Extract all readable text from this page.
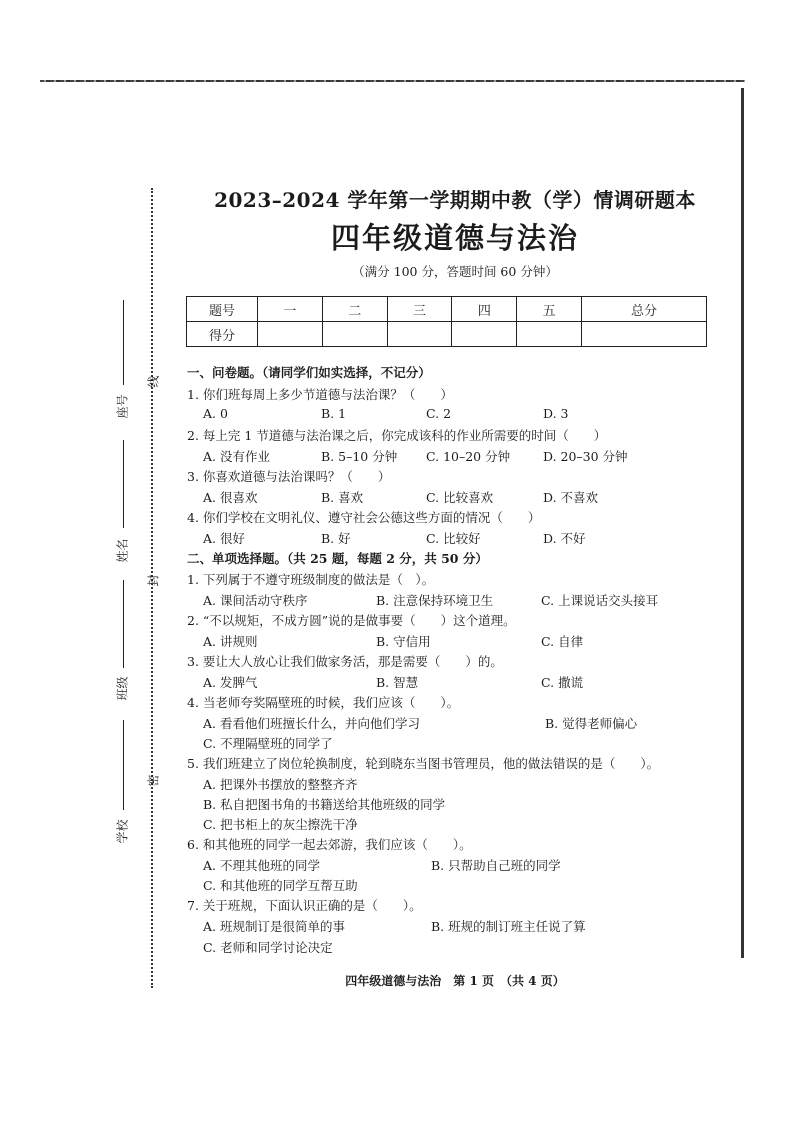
线
封
密
座号
姓名
班级
学校
2023–2024 学年第一学期期中教（学）情调研题本
四年级道德与法治
（满分 100 分，答题时间 60 分钟）
题号	一	二	三	四	五	总分
得分						
一、问卷题。（请同学们如实选择，不记分）
1. 你们班每周上多少节道德与法治课？（　　）
A. 0	B. 1	C. 2	D. 3
2. 每上完 1 节道德与法治课之后，你完成该科的作业所需要的时间（　　）
A. 没有作业	B. 5–10 分钟 C. 10–20 分钟	D. 20–30 分钟
3. 你喜欢道德与法治课吗？（　　）
A. 很喜欢	B. 喜欢	C. 比较喜欢	D. 不喜欢
4. 你们学校在文明礼仪、遵守社会公德这些方面的情况（　　）
A. 很好	B. 好	C. 比较好	D. 不好
二、单项选择题。（共 25 题，每题 2 分，共 50 分）
1. 下列属于不遵守班级制度的做法是（　）。
A. 课间活动守秩序	B. 注意保持环境卫生	C. 上课说话交头接耳
2. “不以规矩，不成方圆”说的是做事要（　　）这个道理。
A. 讲规则	B. 守信用	C. 自律
3. 要让大人放心让我们做家务活，那是需要（　　）的。
A. 发脾气	B. 智慧	C. 撒谎
4. 当老师夸奖隔壁班的时候，我们应该（　　）。
A. 看看他们班擅长什么，并向他们学习	B. 觉得老师偏心
C. 不理隔壁班的同学了
5. 我们班建立了岗位轮换制度，轮到晓东当图书管理员，他的做法错误的是（　　）。
A. 把课外书摆放的整整齐齐
B. 私自把图书角的书籍送给其他班级的同学
C. 把书柜上的灰尘擦洗干净
6. 和其他班的同学一起去郊游，我们应该（　　）。
A. 不理其他班的同学	B. 只帮助自己班的同学
C. 和其他班的同学互帮互助
7. 关于班规，下面认识正确的是（　　）。
A. 班规制订是很简单的事	B. 班规的制订班主任说了算
C. 老师和同学讨论决定
四年级道德与法治　第 1 页　（共 4 页）
